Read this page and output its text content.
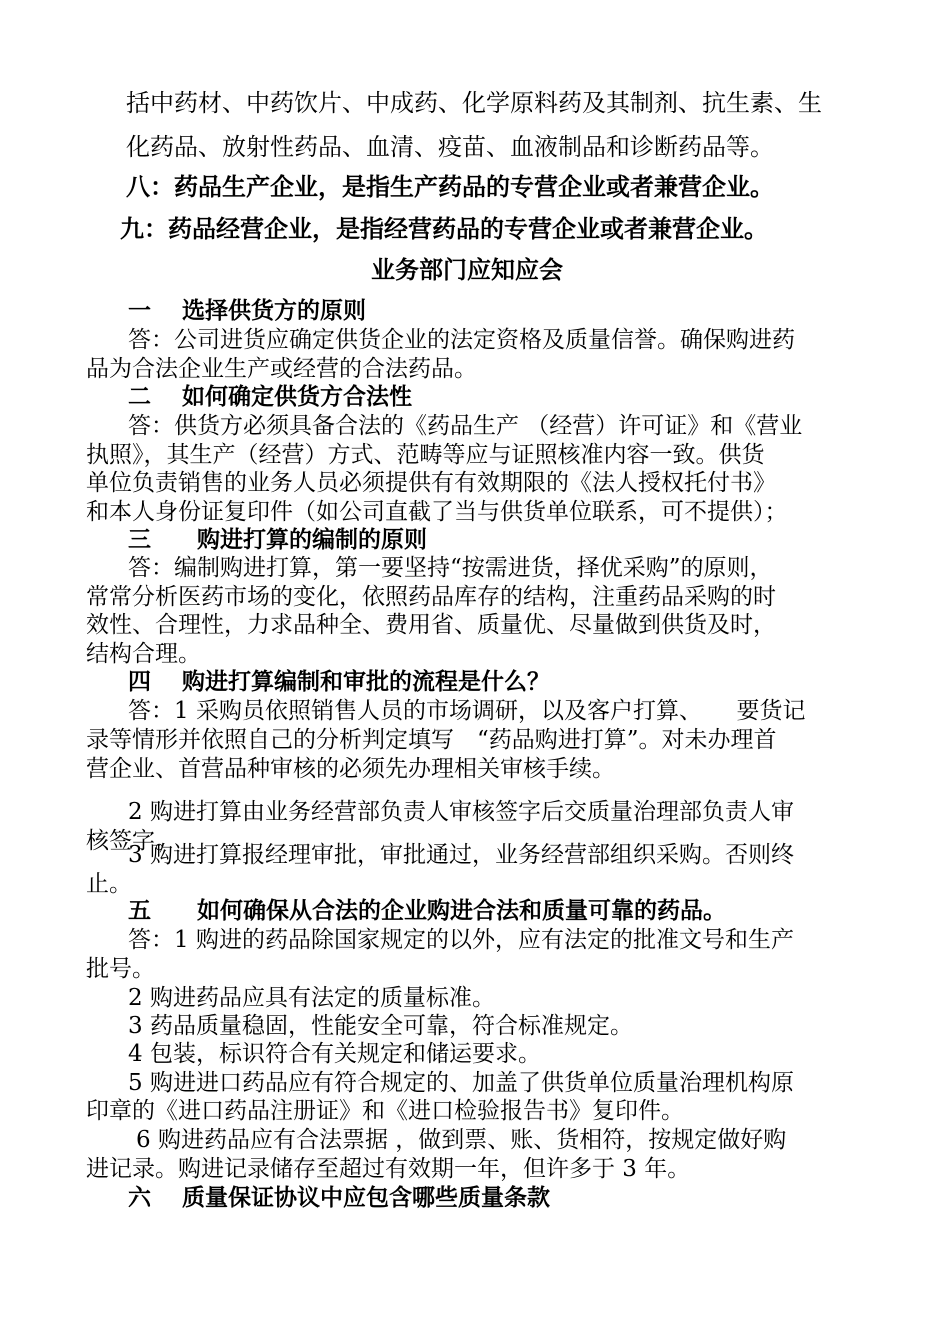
括中药材、中药饮片、中成药、化学原料药及其制剂、抗生素、生
化药品、放射性药品、血清、疫苗、血液制品和诊断药品等。
八：药品生产企业，是指生产药品的专营企业或者兼营企业。
九：药品经营企业，是指经营药品的专营企业或者兼营企业。
业务部门应知应会
一　 选择供货方的原则
答：公司进货应确定供货企业的法定资格及质量信誉。确保购进药
品为合法企业生产或经营的合法药品。
二　 如何确定供货方合法性
答：供货方必须具备合法的《药品生产 （经营）许可证》和《营业
执照》，其生产（经营）方式、范畴等应与证照核准内容一致。供货
单位负责销售的业务人员必须提供有有效期限的《法人授权托付书》
和本人身份证复印件（如公司直截了当与供货单位联系，可不提供）；
三　　购进打算的编制的原则
答：编制购进打算，第一要坚持“按需进货，择优采购”的原则，
常常分析医药市场的变化，依照药品库存的结构，注重药品采购的时
效性、合理性，力求品种全、费用省、质量优、尽量做到供货及时，
结构合理。
四　 购进打算编制和审批的流程是什么？
答：1 采购员依照销售人员的市场调研，以及客户打算、　　要货记
录等情形并依照自己的分析判定填写　“药品购进打算”。对未办理首
营企业、首营品种审核的必须先办理相关审核手续。
2 购进打算由业务经营部负责人审核签字后交质量治理部负责人审
核签字。
3 购进打算报经理审批，审批通过，业务经营部组织采购。否则终
止。
五　　如何确保从合法的企业购进合法和质量可靠的药品。
答：1 购进的药品除国家规定的以外，应有法定的批准文号和生产
批号。
2 购进药品应具有法定的质量标准。
3 药品质量稳固，性能安全可靠，符合标准规定。
4 包装，标识符合有关规定和储运要求。
5 购进进口药品应有符合规定的、加盖了供货单位质量治理机构原
印章的《进口药品注册证》和《进口检验报告书》复印件。
6 购进药品应有合法票据 ，做到票、账、货相符，按规定做好购
进记录。购进记录储存至超过有效期一年，但许多于 3 年。
六　 质量保证协议中应包含哪些质量条款
